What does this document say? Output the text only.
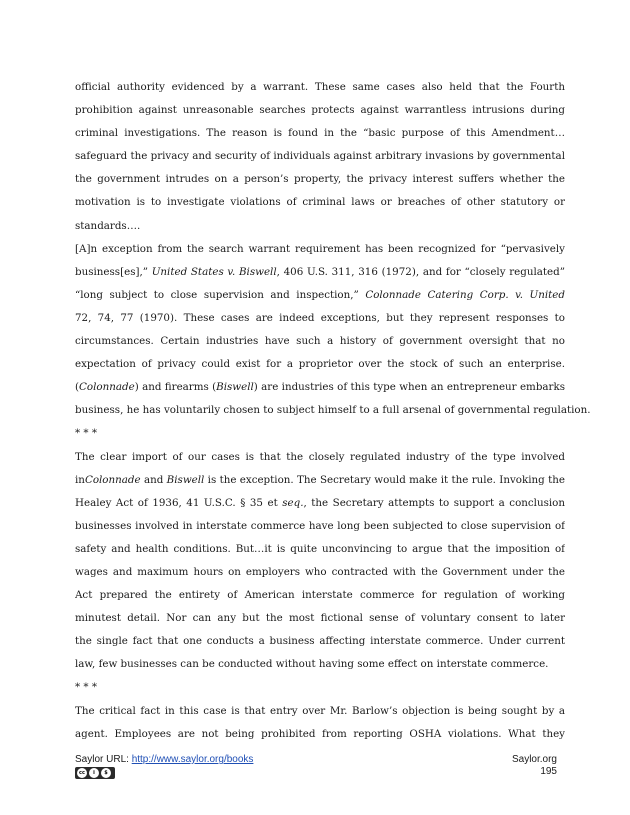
official authority evidenced by a warrant. These same cases also held that the Fourth
prohibition against unreasonable searches protects against warrantless intrusions during
criminal investigations. The reason is found in the “basic purpose of this Amendment…
safeguard the privacy and security of individuals against arbitrary invasions by governmental
the government intrudes on a person’s property, the privacy interest suffers whether the
motivation is to investigate violations of criminal laws or breaches of other statutory or
standards….
[A]n exception from the search warrant requirement has been recognized for “pervasively
business[es],” United States v. Biswell, 406 U.S. 311, 316 (1972), and for “closely regulated”
“long subject to close supervision and inspection,” Colonnade Catering Corp. v. United
72, 74, 77 (1970). These cases are indeed exceptions, but they represent responses to
circumstances. Certain industries have such a history of government oversight that no
expectation of privacy could exist for a proprietor over the stock of such an enterprise.
(Colonnade) and firearms (Biswell) are industries of this type when an entrepreneur embarks
business, he has voluntarily chosen to subject himself to a full arsenal of governmental regulation.
* * *
The clear import of our cases is that the closely regulated industry of the type involved
inColonnade and Biswell is the exception. The Secretary would make it the rule. Invoking the
Healey Act of 1936, 41 U.S.C. § 35 et seq., the Secretary attempts to support a conclusion
businesses involved in interstate commerce have long been subjected to close supervision of
safety and health conditions. But…it is quite unconvincing to argue that the imposition of
wages and maximum hours on employers who contracted with the Government under the
Act prepared the entirety of American interstate commerce for regulation of working
minutest detail. Nor can any but the most fictional sense of voluntary consent to later
the single fact that one conducts a business affecting interstate commerce. Under current
law, few businesses can be conducted without having some effect on interstate commerce.
* * *
The critical fact in this case is that entry over Mr. Barlow’s objection is being sought by a
agent. Employees are not being prohibited from reporting OSHA violations. What they
Saylor URL: http://www.saylor.org/books
cc	i	$
Saylor.org
195
